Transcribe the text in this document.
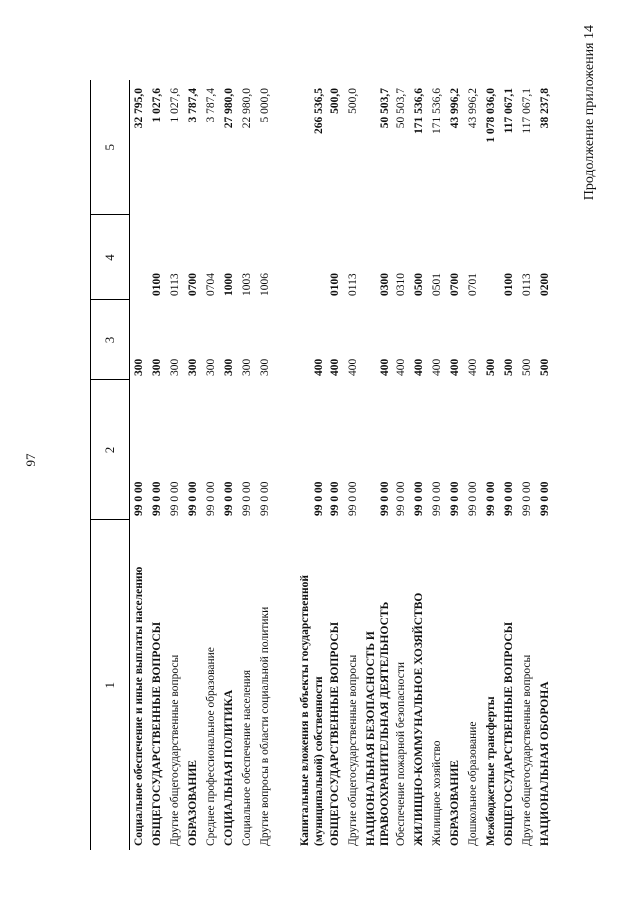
97
Продолжение приложения 14
1	2	3	4	5
Социальное обеспечение и иные выплаты населению	99 0 00	300		32 795,0
ОБЩЕГОСУДАРСТВЕННЫЕ ВОПРОСЫ	99 0 00	300	0100	1 027,6
Другие общегосударственные вопросы	99 0 00	300	0113	1 027,6
ОБРАЗОВАНИЕ	99 0 00	300	0700	3 787,4
Среднее профессиональное образование	99 0 00	300	0704	3 787,4
СОЦИАЛЬНАЯ ПОЛИТИКА	99 0 00	300	1000	27 980,0
Социальное обеспечение населения	99 0 00	300	1003	22 980,0
Другие вопросы в области социальной политики	99 0 00	300	1006	5 000,0

Капитальные вложения в объекты государственной (муниципальной) собственности	99 0 00	400		266 536,5
ОБЩЕГОСУДАРСТВЕННЫЕ ВОПРОСЫ	99 0 00	400	0100	500,0
Другие общегосударственные вопросы	99 0 00	400	0113	500,0
НАЦИОНАЛЬНАЯ БЕЗОПАСНОСТЬ И ПРАВООХРАНИТЕЛЬНАЯ ДЕЯТЕЛЬНОСТЬ	99 0 00	400	0300	50 503,7
Обеспечение пожарной безопасности	99 0 00	400	0310	50 503,7
ЖИЛИЩНО-КОММУНАЛЬНОЕ ХОЗЯЙСТВО	99 0 00	400	0500	171 536,6
Жилищное хозяйство	99 0 00	400	0501	171 536,6
ОБРАЗОВАНИЕ	99 0 00	400	0700	43 996,2
Дошкольное образование	99 0 00	400	0701	43 996,2
Межбюджетные трансферты	99 0 00	500		1 078 036,0
ОБЩЕГОСУДАРСТВЕННЫЕ ВОПРОСЫ	99 0 00	500	0100	117 067,1
Другие общегосударственные вопросы	99 0 00	500	0113	117 067,1
НАЦИОНАЛЬНАЯ ОБОРОНА	99 0 00	500	0200	38 237,8
